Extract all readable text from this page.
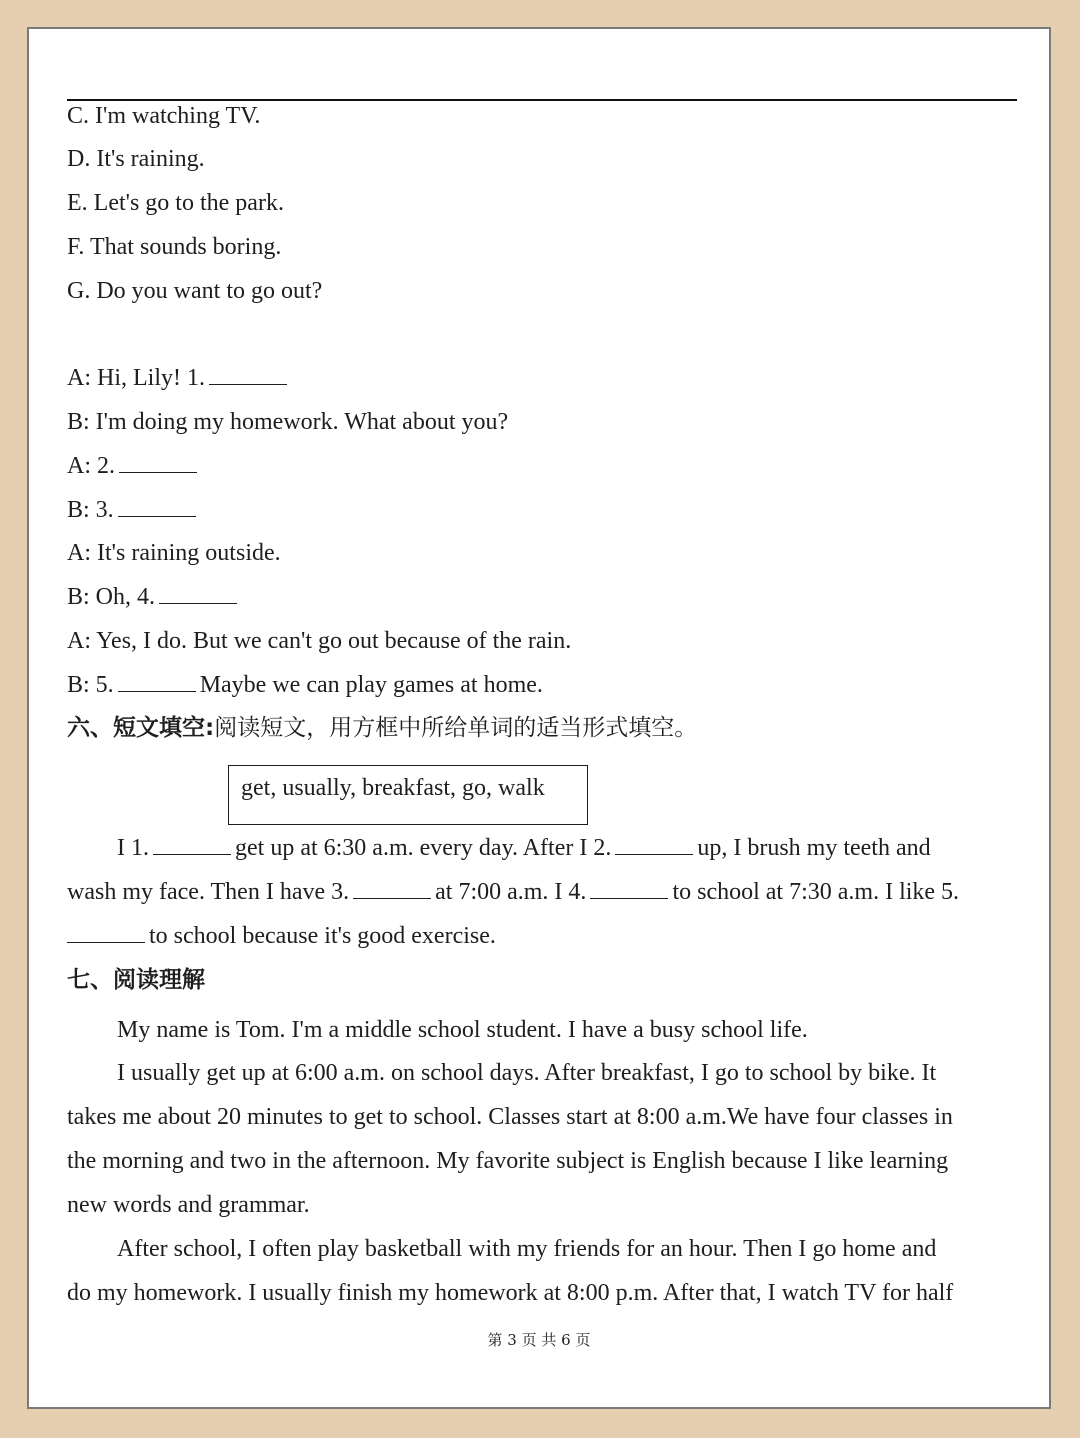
C. I'm watching TV.
D. It's raining.
E. Let's go to the park.
F. That sounds boring.
G. Do you want to go out?
A: Hi, Lily! 1.
B: I'm doing my homework. What about you?
A: 2.
B: 3.
A: It's raining outside.
B: Oh, 4.
A: Yes, I do. But we can't go out because of the rain.
B: 5.	Maybe we can play games at home.
六、短文填空:阅读短文，用方框中所给单词的适当形式填空。
get, usually, breakfast, go, walk
I 1.	get up at 6:30 a.m. every day. After I 2.	up, I brush my teeth and
wash my face. Then I have 3.	at 7:00 a.m. I 4.	to school at 7:30 a.m. I like 5.
to school because it's good exercise.
七、阅读理解
My name is Tom. I'm a middle school student. I have a busy school life.
I usually get up at 6:00 a.m. on school days. After breakfast, I go to school by bike. It
takes me about 20 minutes to get to school. Classes start at 8:00 a.m.We have four classes in
the morning and two in the afternoon. My favorite subject is English because I like learning
new words and grammar.
After school, I often play basketball with my friends for an hour. Then I go home and
do my homework. I usually finish my homework at 8:00 p.m. After that, I watch TV for half
第 3 页 共 6 页
